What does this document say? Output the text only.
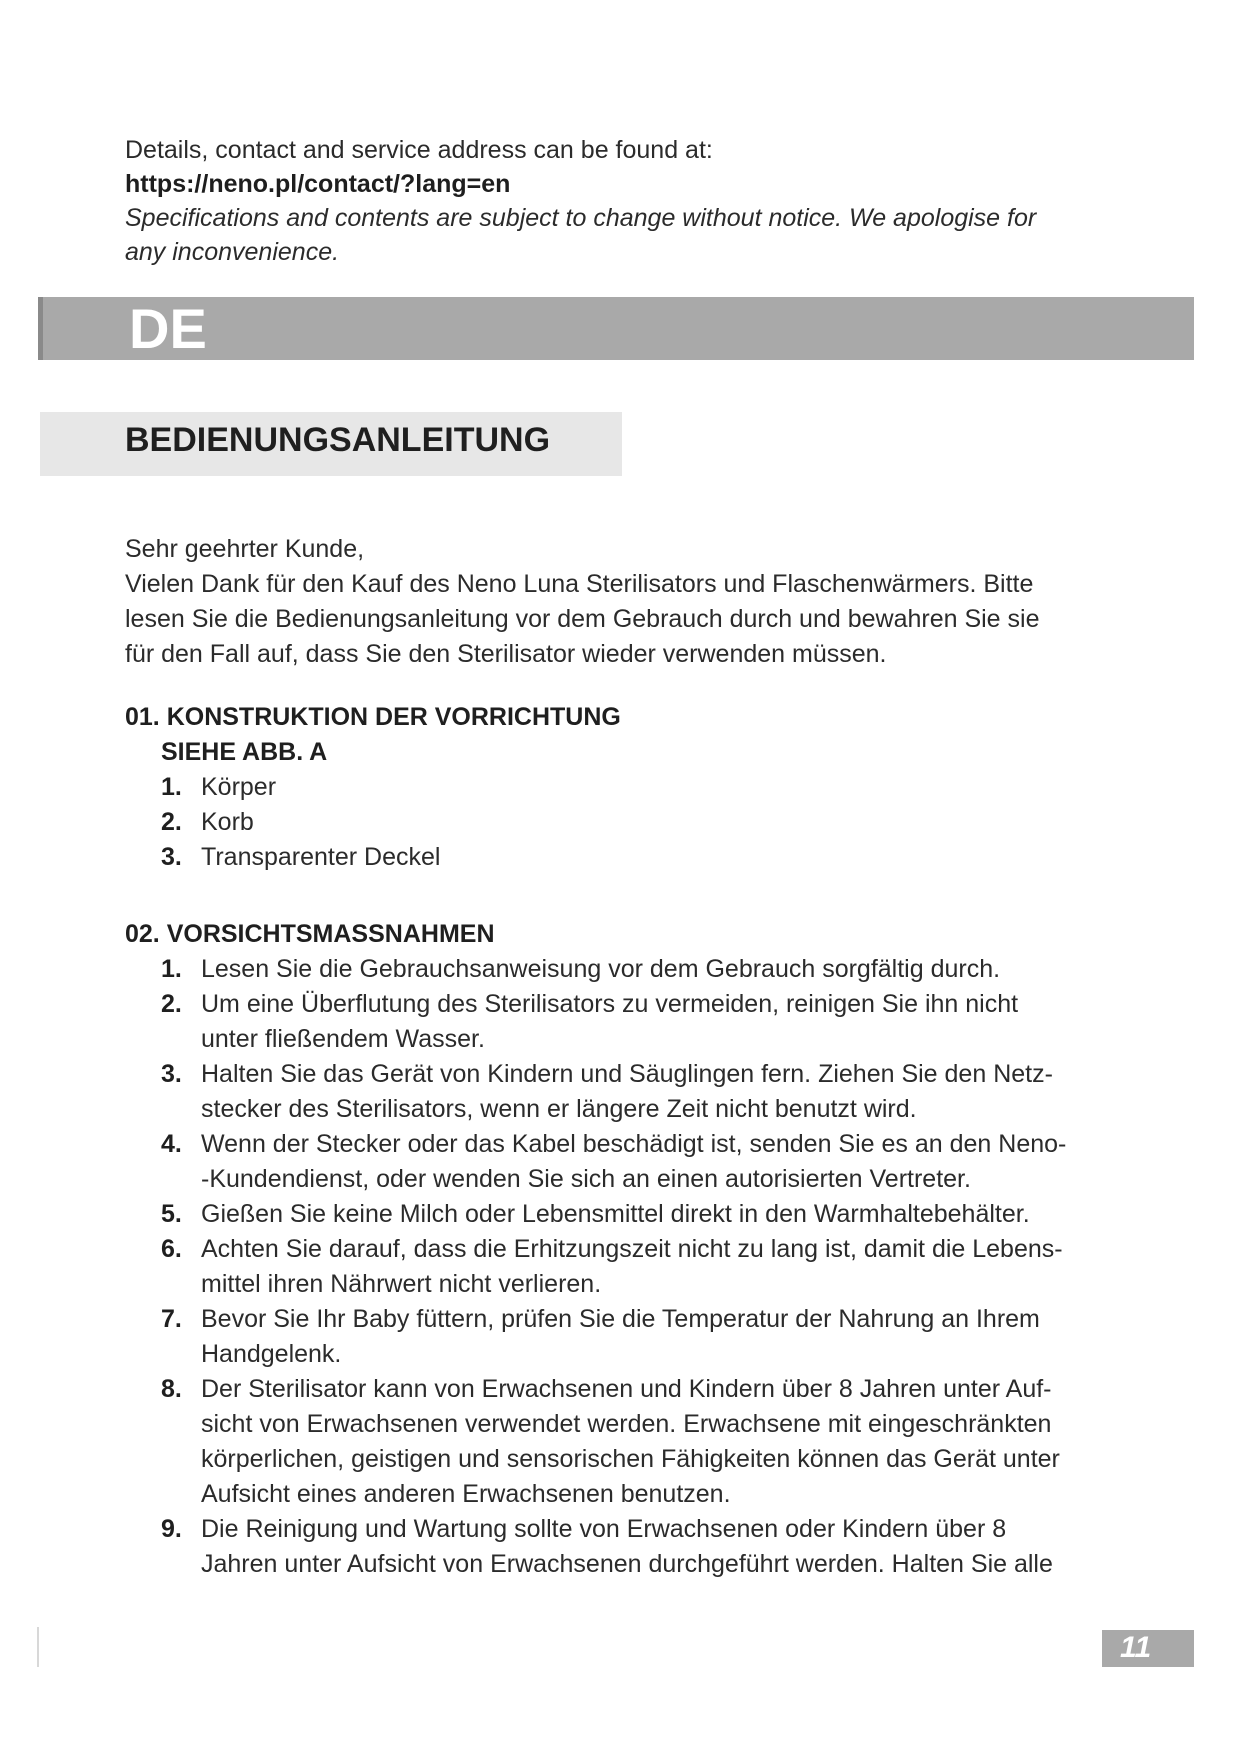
Details, contact and service address can be found at:

https://neno.pl/contact/?lang=en

Specifications and contents are subject to change without notice. We apologise for

any inconvenience.

DE
BEDIENUNGSANLEITUNG

Sehr geehrter Kunde,

Vielen Dank für den Kauf des Neno Luna Sterilisators und Flaschenwärmers. Bitte

lesen Sie die Bedienungsanleitung vor dem Gebrauch durch und bewahren Sie sie

für den Fall auf, dass Sie den Sterilisator wieder verwenden müssen.

01. KONSTRUKTION DER VORRICHTUNG
SIEHE ABB. A
1. Körper
2. Korb
3. Transparenter Deckel
02. VORSICHTSMASSNAHMEN
1. Lesen Sie die Gebrauchsanweisung vor dem Gebrauch sorgfältig durch.
2. Um eine Überflutung des Sterilisators zu vermeiden, reinigen Sie ihn nicht
unter fließendem Wasser.
3. Halten Sie das Gerät von Kindern und Säuglingen fern. Ziehen Sie den Netz-
stecker des Sterilisators, wenn er längere Zeit nicht benutzt wird.
4. Wenn der Stecker oder das Kabel beschädigt ist, senden Sie es an den Neno-
-Kundendienst, oder wenden Sie sich an einen autorisierten Vertreter.
5. Gießen Sie keine Milch oder Lebensmittel direkt in den Warmhaltebehälter.
6. Achten Sie darauf, dass die Erhitzungszeit nicht zu lang ist, damit die Lebens-
mittel ihren Nährwert nicht verlieren.
7. Bevor Sie Ihr Baby füttern, prüfen Sie die Temperatur der Nahrung an Ihrem
Handgelenk.
8. Der Sterilisator kann von Erwachsenen und Kindern über 8 Jahren unter Auf-
sicht von Erwachsenen verwendet werden. Erwachsene mit eingeschränkten
körperlichen, geistigen und sensorischen Fähigkeiten können das Gerät unter
Aufsicht eines anderen Erwachsenen benutzen.
9. Die Reinigung und Wartung sollte von Erwachsenen oder Kindern über 8
Jahren unter Aufsicht von Erwachsenen durchgeführt werden. Halten Sie alle
11
